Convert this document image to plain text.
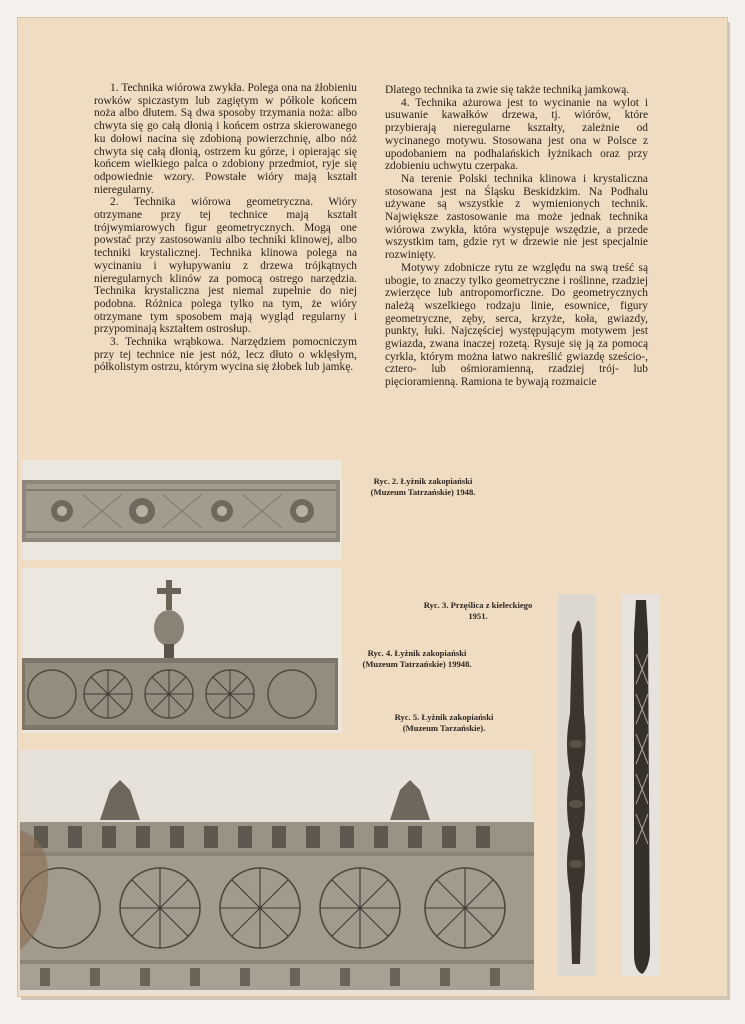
1. Technika wiórowa zwykła. Polega ona na żłobieniu rowków spiczastym lub zagiętym w półkole końcem noża albo dłutem. Są dwa sposoby trzymania noża: albo chwyta się go całą dłonią i końcem ostrza skierowanego ku dołowi nacina się zdobioną powierzchnię, albo nóż chwyta się całą dłonią, ostrzem ku górze, i opierając się końcem wielkiego palca o zdobiony przedmiot, ryje się odpowiednie wzory. Powstałe wióry mają kształt nieregularny.

2. Technika wiórowa geometryczna. Wióry otrzymane przy tej technice mają kształt trójwymiarowych figur geometrycznych. Mogą one powstać przy zastosowaniu albo techniki klinowej, albo techniki krystalicznej. Technika klinowa polega na wycinaniu i wyłupywaniu z drzewa trójkątnych nieregularnych klinów za pomocą ostrego narzędzia. Technika krystaliczna jest niemal zupełnie do niej podobna. Różnica polega tylko na tym, że wióry otrzymane tym sposobem mają wygląd regularny i przypominają kształtem ostrosłup.

3. Technika wrąbkowa. Narzędziem pomocniczym przy tej technice nie jest nóż, lecz dłuto o wklęsłym, półkolistym ostrzu, którym wycina się żłobek lub jamkę.

Dlatego technika ta zwie się także techniką jamkową.

4. Technika ażurowa jest to wycinanie na wylot i usuwanie kawałków drzewa, tj. wiórów, które przybierają nieregularne kształty, zależnie od wycinanego motywu. Stosowana jest ona w Polsce z upodobaniem na podhalańskich łyżnikach oraz przy zdobieniu uchwytu czerpaka.

Na terenie Polski technika klinowa i krystaliczna stosowana jest na Śląsku Beskidzkim. Na Podhalu używane są wszystkie z wymienionych technik. Największe zastosowanie ma może jednak technika wiórowa zwykła, która występuje wszędzie, a przede wszystkim tam, gdzie ryt w drzewie nie jest specjalnie rozwinięty.

Motywy zdobnicze rytu ze względu na swą treść są ubogie, to znaczy tylko geometryczne i roślinne, rzadziej zwierzęce lub antropomorficzne. Do geometrycznych należą wszelkiego rodzaju linie, esownice, figury geometryczne, zęby, serca, krzyże, koła, gwiazdy, punkty, łuki. Najczęściej występującym motywem jest gwiazda, zwana inaczej rozetą. Rysuje się ją za pomocą cyrkla, którym można łatwo nakreślić gwiazdę sześcio-, cztero- lub ośmioramienną, rzadziej trój- lub pięcioramienną. Ramiona te bywają rozmaicie

Ryc. 2. Łyżnik zakopiański (Muzeum Tatrzańskie) 1948.
Ryc. 3. Przęślica z kieleckiego 1951.
Ryc. 4. Łyżnik zakopiański (Muzeum Tatrzańskie) 19948.
Ryc. 5. Łyżnik zakopiański (Muzeum Tarzańskie).
